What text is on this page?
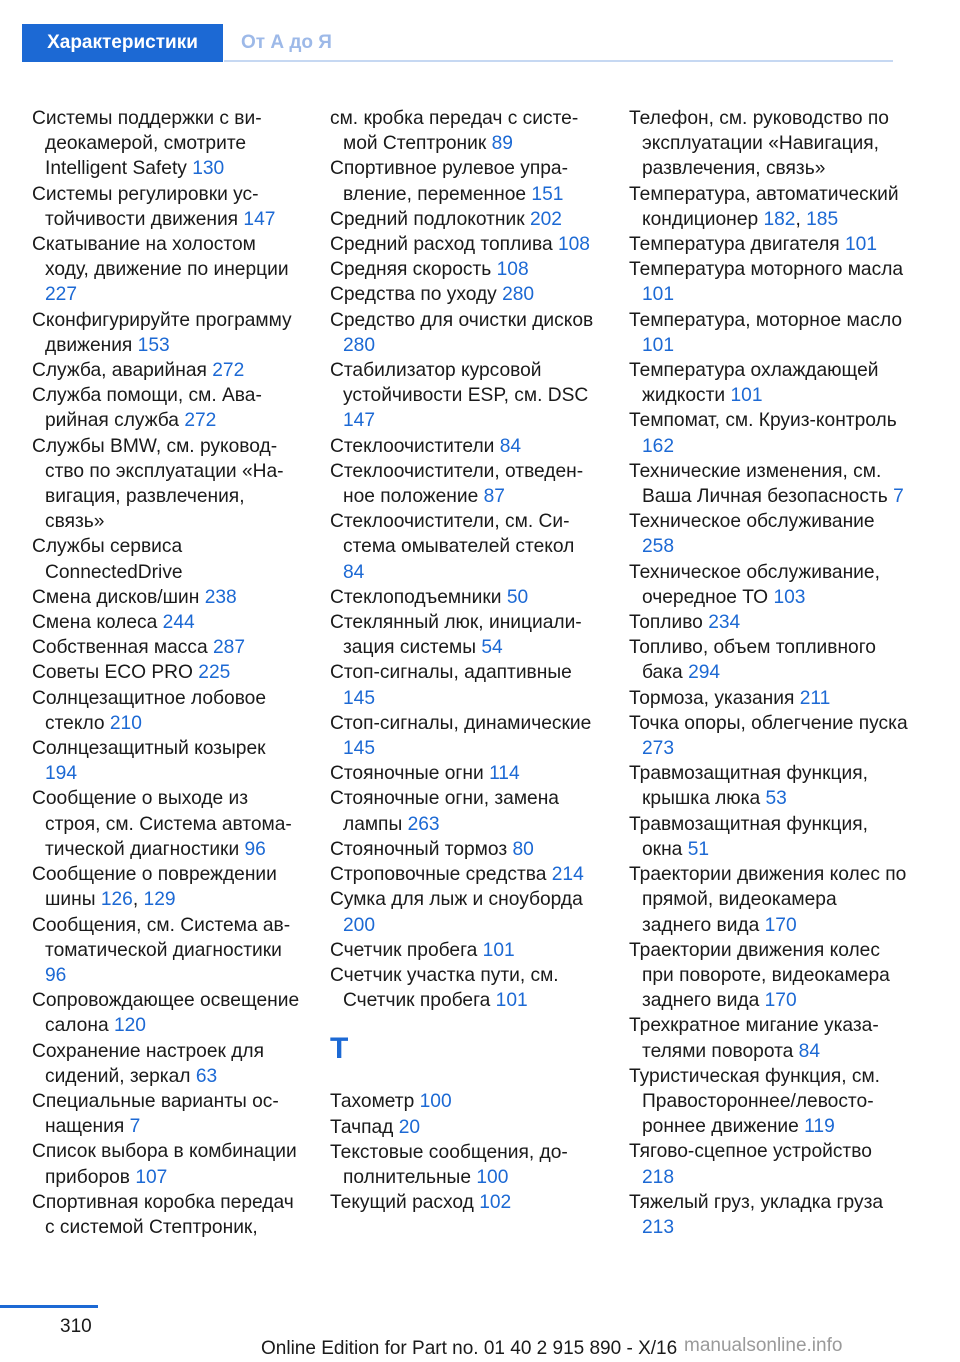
Характеристики	От А до Я
Системы поддержки с видеокамерой, смотрите Intelligent Safety 130
Системы регулировки устойчивости движения 147
Скатывание на холостом ходу, движение по инерции 227
Сконфигурируйте программу движения 153
Служба, аварийная 272
Служба помощи, см. Аварийная служба 272
Службы BMW, см. руководство по эксплуатации «Навигация, развлечения, связь»
Службы сервиса ConnectedDrive
Смена дисков/шин 238
Смена колеса 244
Собственная масса 287
Советы ECO PRO 225
Солнцезащитное лобовое стекло 210
Солнцезащитный козырек 194
Сообщение о выходе из строя, см. Система автоматической диагностики 96
Сообщение о повреждении шины 126, 129
Сообщения, см. Система автоматической диагностики 96
Сопровождающее освещение салона 120
Сохранение настроек для сидений, зеркал 63
Специальные варианты оснащения 7
Список выбора в комбинации приборов 107
Спортивная коробка передач с системой Стептроник,
см. кробка передач с системой Стептроник 89
Спортивное рулевое управление, переменное 151
Средний подлокотник 202
Средний расход топлива 108
Средняя скорость 108
Средства по уходу 280
Средство для очистки дисков 280
Стабилизатор курсовой устойчивости ESP, см. DSC 147
Стеклоочистители 84
Стеклоочистители, отведенное положение 87
Стеклоочистители, см. Система омывателей стекол 84
Стеклоподъемники 50
Стеклянный люк, инициализация системы 54
Стоп-сигналы, адаптивные 145
Стоп-сигналы, динамические 145
Стояночные огни 114
Стояночные огни, замена лампы 263
Стояночный тормоз 80
Строповочные средства 214
Сумка для лыж и сноуборда 200
Счетчик пробега 101
Счетчик участка пути, см. Счетчик пробега 101
Т
Тахометр 100
Тачпад 20
Текстовые сообщения, дополнительные 100
Текущий расход 102
Телефон, см. руководство по эксплуатации «Навигация, развлечения, связь»
Температура, автоматический кондиционер 182, 185
Температура двигателя 101
Температура моторного масла 101
Температура, моторное масло 101
Температура охлаждающей жидкости 101
Темпомат, см. Круиз-контроль 162
Технические изменения, см. Ваша Личная безопасность 7
Техническое обслуживание 258
Техническое обслуживание, очередное ТО 103
Топливо 234
Топливо, объем топливного бака 294
Тормоза, указания 211
Точка опоры, облегчение пуска 273
Травмозащитная функция, крышка люка 53
Травмозащитная функция, окна 51
Траектории движения колес по прямой, видеокамера заднего вида 170
Траектории движения колес при повороте, видеокамера заднего вида 170
Трехкратное мигание указателями поворота 84
Туристическая функция, см. Правостороннее/левостороннее движение 119
Тягово-сцепное устройство 218
Тяжелый груз, укладка груза 213
310
Online Edition for Part no. 01 40 2 915 890 - X/16 manualsonline.info
